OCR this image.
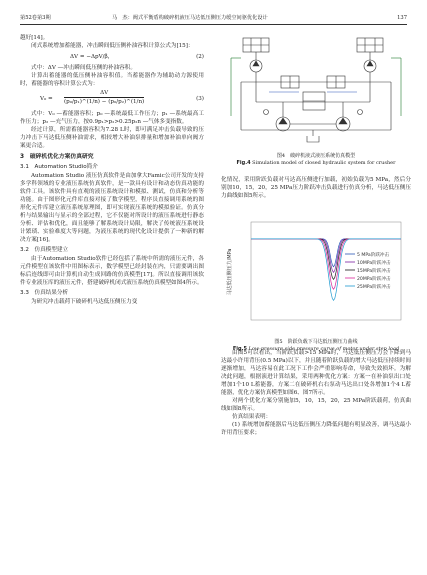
第52卷第3期	马　杰：阀式平衡盾构破碎机液压马达低压侧压力缓空间驱优化设计	137

越好[14]。

闭式系统增加蓄能器，冲击瞬间低压侧补油容积计算公式为[15]：

ΔV = −ΔpV/β，	(2)

式中：ΔV —冲击瞬间低压侧的补油容积。

计算出蓄能器的低压侧补油容积值。当蓄能器作为辅助动力源使用时，蓄能器的容积计算公式为：

$V_0 = \frac{\Delta V}{\text{(p₀/p₁)\textasciicircum{}(1/n) − (p₀/p₂)\textasciicircum{}(1/n)}}$	(3)

式中：V₀ —蓄能器容积；p₀ —系统最低工作压力；p₁ —系统最高工作压力；p₂ —充气压力，按0.9p₁>p₂>0.25p₂n —气体多变指数。

经过计算，所需蓄能器容积为7.28 L时，即可满足冲击负载导致的压力冲击下马达低压侧补油需求，相较增大补油泵排量和增加补油单向阀方案更合适。

3　破碎机优化方案仿真研究
3.1　Automation Studio简介

Automation Studio 液压仿真软件是由加拿大Famic公司开发的支持多学科领域的专业液压系统仿真软件，是一款具有设计和动态仿真功能的软件工具。该软件具有直观的液压系统设计和模拟、测试，仿真和分析等功能。由于图形化元件库直接对接了数学模型，程序员直接调用系统的图形化元件库建立液压系统原理图，即可实现液压系统的模拟验证。仿真分析与结果输出与显示的全部过程，它不仅能对所设计的液压系统进行静态分析、评估和优化，面且能够了解系统设计局限，解决了传统液压系统设计繁琐、实验难度大等问题，为液压系统的现代化设计提供了一种新的解决方案[16]。

3.2　仿真模型建立

由于Automation Studio软件已经包括了系统中所需的液压元件，各元件模型在该软件中用图标表示，数学模型已经封装在内，只需要调出图标后连线即可由计算机自动生成回路的仿真模型[17]。所以直接调用该软件专业液压库的液压元件，搭建破碎机闭式液压系统仿真模型如图4所示。

3.3　仿真结果分析

为研究冲击载荷下破碎机马达低压侧压力变

图4　破碎机液式液压系统仿真模型
Fig.4 Simulation model of closed hydraulic system for crusher

化情况，采用阶跃负载对马达高压侧进行加载，初始负载为5 MPa，然后分别加10，15，20，25 MPa压力阶跃冲击负载进行仿真分析，马达低压侧压力曲线如图5所示。

马达低压侧压力/MPa	5 MPa阶跃冲击
10MPa阶跃冲击
15MPa阶跃冲击
20MPa阶跃冲击
25MPa阶跃冲击
图5　阶跃负载下马达低压侧压力曲线
Fig.5 Low-pressure side pressure curve of motor under step load

由图5可以看出，当阶跃负载>15 MPa时，马达低压侧压力会下降到马达最小许用背压(0.5 MPa)以下，并且随着阶跃负载的增大马达低压持续时间逐渐增加，马达容易在此工况下工作会严重影响寿命，导致失效损坏。为解决此问题，根据演进计算结果，采用两种优化方案：方案一在补油泵出口处增加1个10 L蓄能器，方案二在破碎机右右泵动马达出口处各增加1个4 L蓄能器，优化方案仿真模型如图6、图7所示。

对两个优化方案分别施加5，10，15，20，25 MPa阶跃载荷，仿真曲线如图8所示。

仿真结果表明：

(1) 系统增加蓄能器后马达低压侧压力降低问题有明显改善，调马达最小许用背压要求；
